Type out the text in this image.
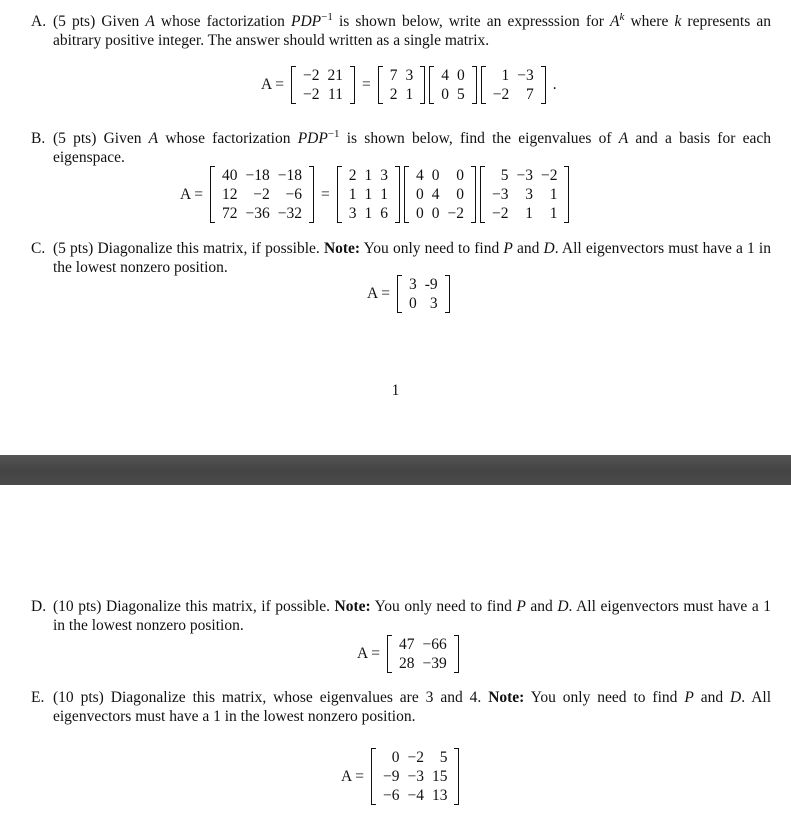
A. (5 pts) Given A whose factorization $PDP^{-1}$ is shown below, write an expresssion for $A^k$ where k represents an abitrary positive integer. The answer should written as a single matrix.
A =
−2 21
−2 11
=
7 3
2 1
4 0
0 5
1 −3
−2	7
.
B. (5 pts) Given A whose factorization $PDP^{-1}$ is shown below, find the eigenvalues of A and a basis for each eigenspace.
A =
40 −18 −18
12	−2	−6
72 −36 −32
=
2 1 3
1 1 1
3 1 6
4 0	0
0 4	0
0 0 −2
5 −3 −2
−3	3	1
−2	1	1
C. (5 pts) Diagonalize this matrix, if possible. Note: You only need to find P and D. All eigenvectors must have a 1 in the lowest nonzero position.
A =
3 -9
0 3
1
D. (10 pts) Diagonalize this matrix, if possible. Note: You only need to find P and D. All eigenvectors must have a 1 in the lowest nonzero position.
A =
47 −66
28 −39
E. (10 pts) Diagonalize this matrix, whose eigenvalues are 3 and 4. Note: You only need to find P and D. All eigenvectors must have a 1 in the lowest nonzero position.
A =
0 −2	5
−9 −3 15
−6 −4 13
